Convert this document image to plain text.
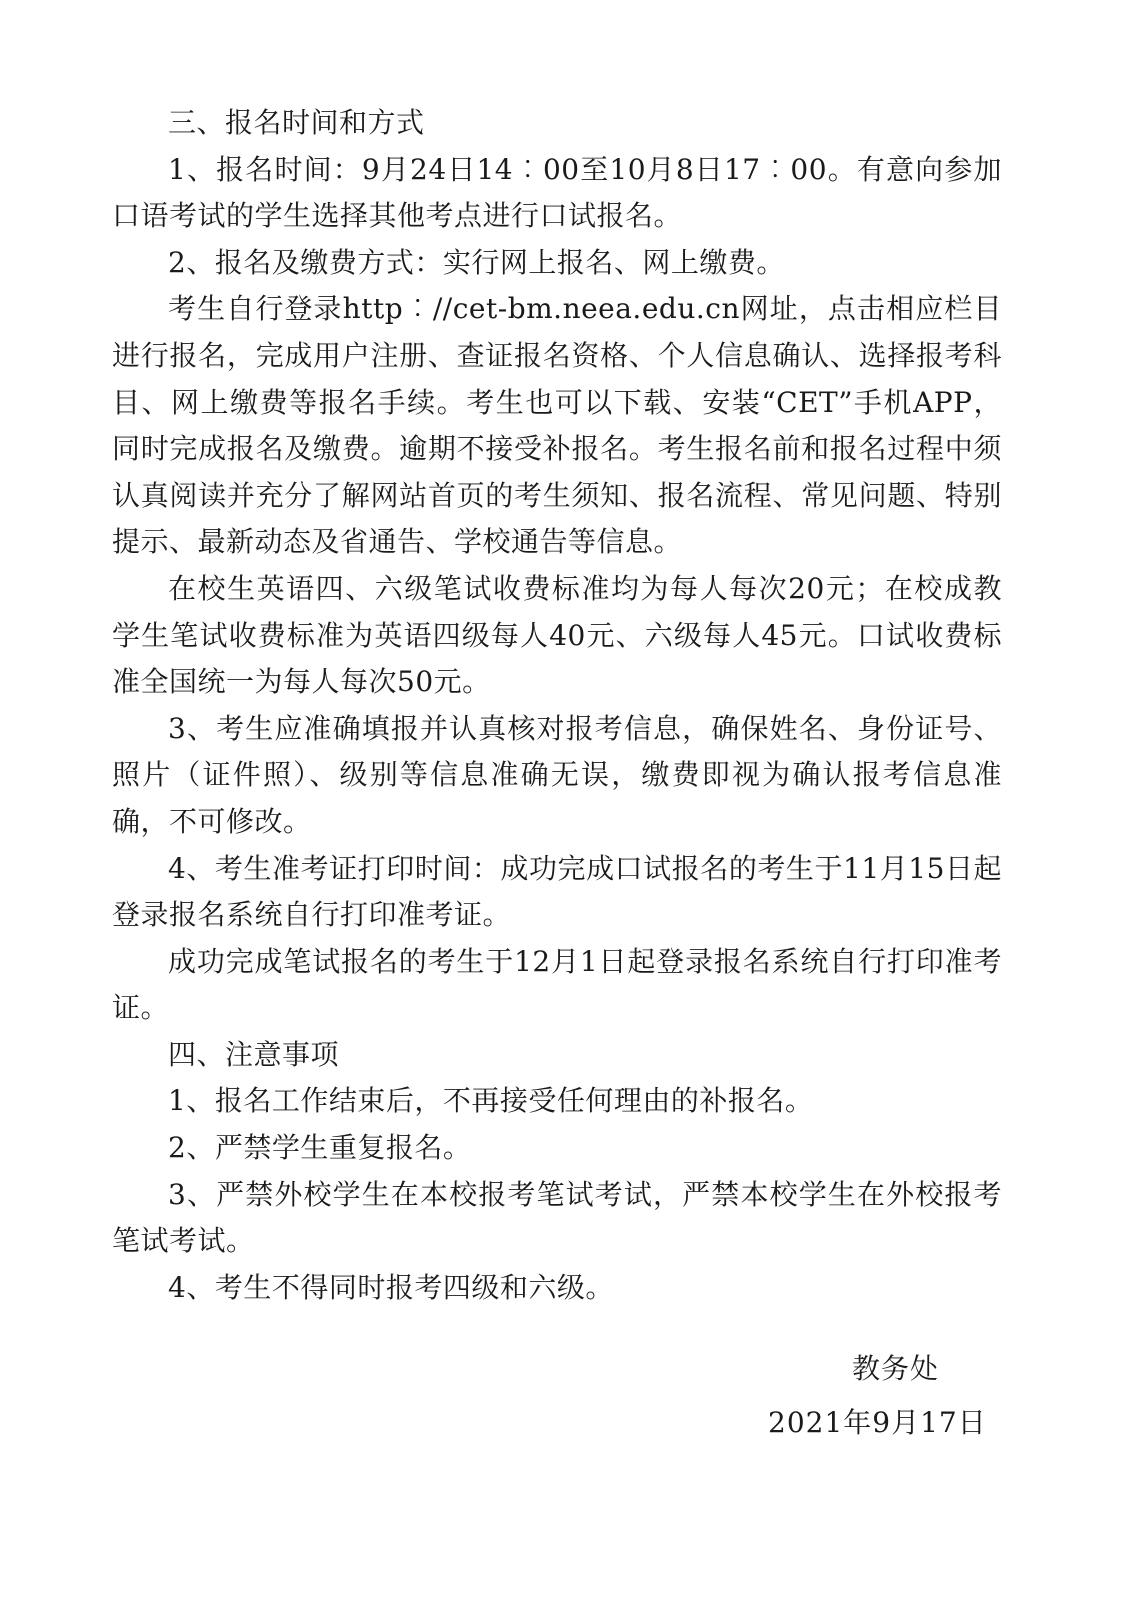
三、报名时间和方式

1、报名时间：9月24日14︰00至10月8日17︰00。有意向参加口语考试的学生选择其他考点进行口试报名。

2、报名及缴费方式：实行网上报名、网上缴费。

考生自行登录http︰//cet-bm.neea.edu.cn网址，点击相应栏目进行报名，完成用户注册、查证报名资格、个人信息确认、选择报考科目、网上缴费等报名手续。考生也可以下载、安装“CET”手机APP，同时完成报名及缴费。逾期不接受补报名。考生报名前和报名过程中须认真阅读并充分了解网站首页的考生须知、报名流程、常见问题、特别提示、最新动态及省通告、学校通告等信息。

在校生英语四、六级笔试收费标准均为每人每次20元；在校成教学生笔试收费标准为英语四级每人40元、六级每人45元。口试收费标准全国统一为每人每次50元。

3、考生应准确填报并认真核对报考信息，确保姓名、身份证号、照片（证件照）、级别等信息准确无误，缴费即视为确认报考信息准确，不可修改。

4、考生准考证打印时间：成功完成口试报名的考生于11月15日起登录报名系统自行打印准考证。

成功完成笔试报名的考生于12月1日起登录报名系统自行打印准考证。

四、注意事项

1、报名工作结束后，不再接受任何理由的补报名。

2、严禁学生重复报名。

3、严禁外校学生在本校报考笔试考试，严禁本校学生在外校报考笔试考试。

4、考生不得同时报考四级和六级。

教务处
2021年9月17日
